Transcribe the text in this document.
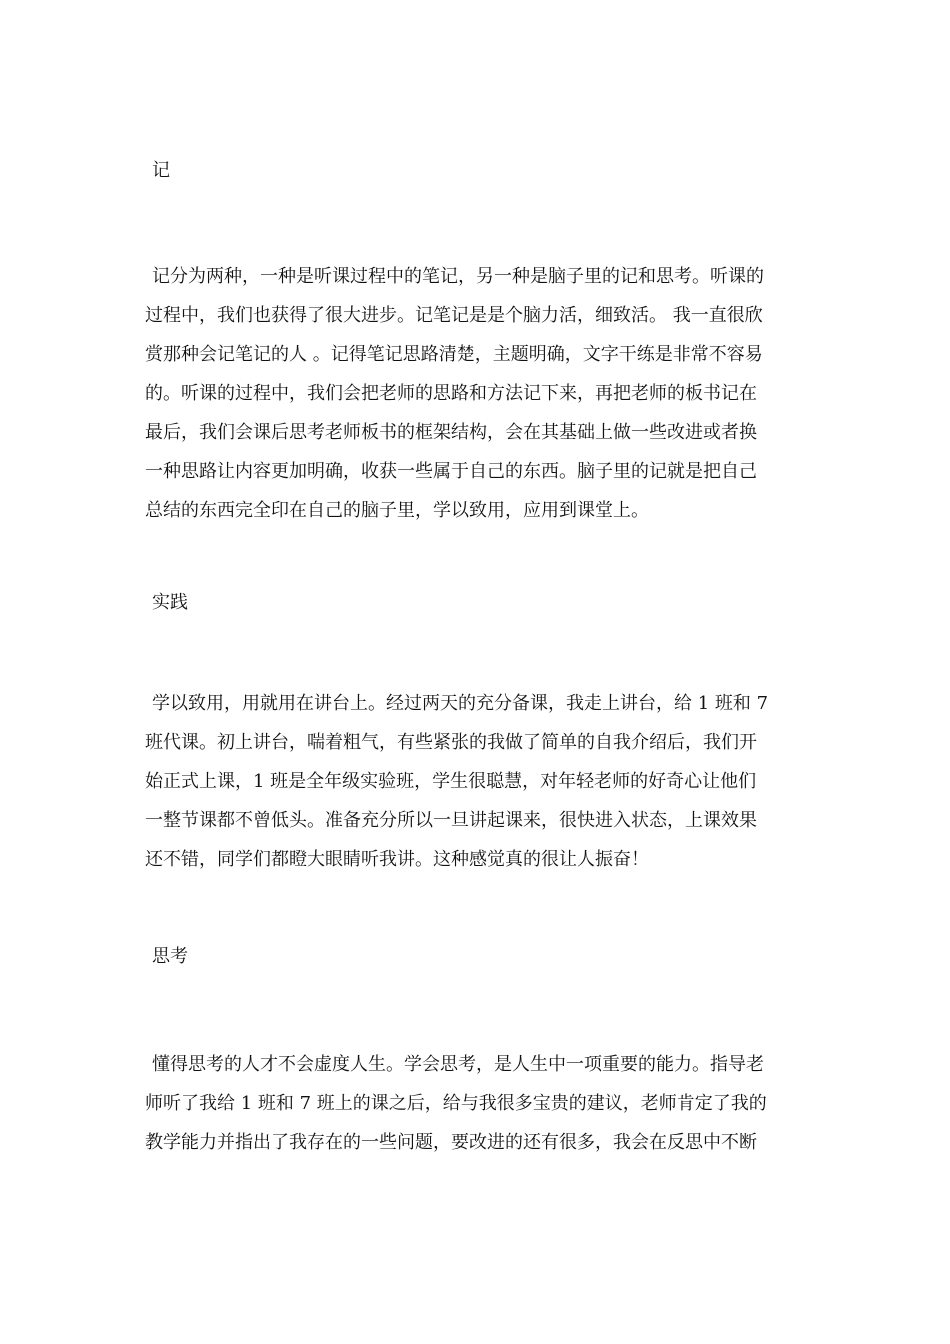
记
记分为两种，一种是听课过程中的笔记，另一种是脑子里的记和思考。听课的
过程中，我们也获得了很大进步。记笔记是是个脑力活，细致活。 我一直很欣
赏那种会记笔记的人 。记得笔记思路清楚，主题明确，文字干练是非常不容易
的。听课的过程中，我们会把老师的思路和方法记下来，再把老师的板书记在
最后，我们会课后思考老师板书的框架结构，会在其基础上做一些改进或者换
一种思路让内容更加明确，收获一些属于自己的东西。脑子里的记就是把自己
总结的东西完全印在自己的脑子里，学以致用，应用到课堂上。
实践
学以致用，用就用在讲台上。经过两天的充分备课，我走上讲台，给 1 班和 7
班代课。初上讲台，喘着粗气，有些紧张的我做了简单的自我介绍后，我们开
始正式上课，1 班是全年级实验班，学生很聪慧，对年轻老师的好奇心让他们
一整节课都不曾低头。准备充分所以一旦讲起课来，很快进入状态，上课效果
还不错，同学们都瞪大眼睛听我讲。这种感觉真的很让人振奋！
思考
懂得思考的人才不会虚度人生。学会思考，是人生中一项重要的能力。指导老
师听了我给 1 班和 7 班上的课之后，给与我很多宝贵的建议，老师肯定了我的
教学能力并指出了我存在的一些问题，要改进的还有很多，我会在反思中不断
